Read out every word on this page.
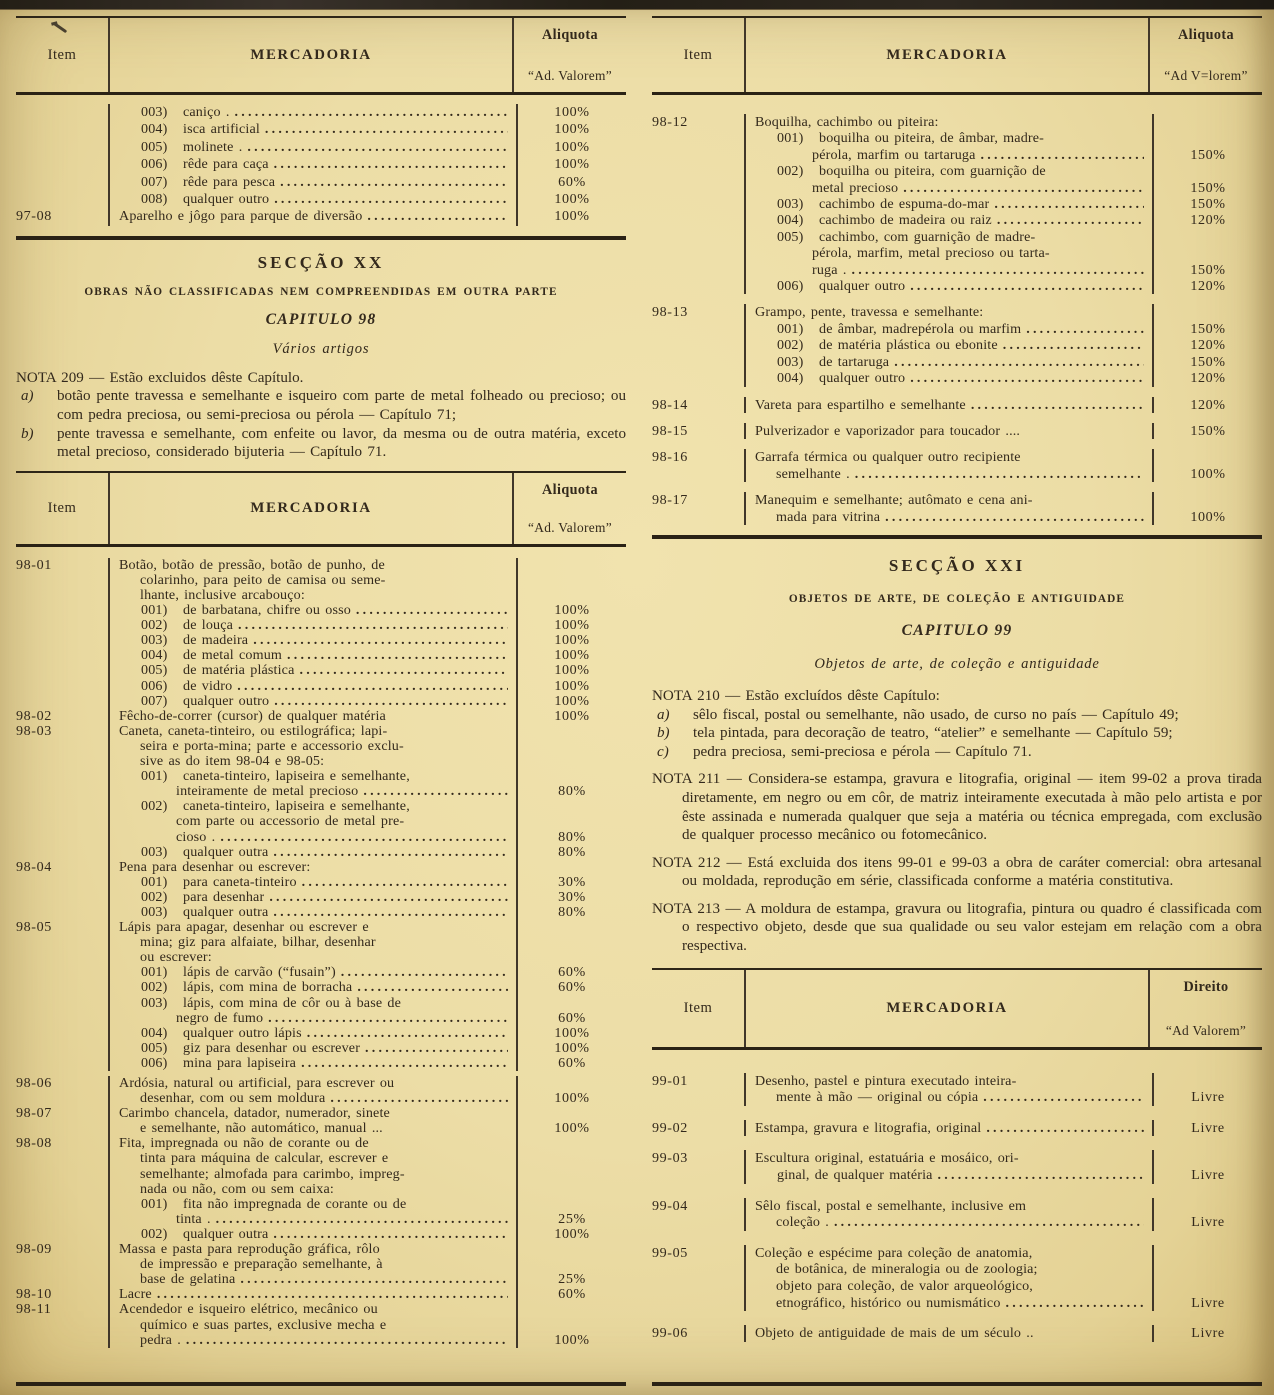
Item	MERCADORIA
Aliquota
“Ad. Valorem”
003)	caniço . .....	100%
004)	isca artificial .....	100%
005)	molinete . .....	100%
006)	rêde para caça .....	100%
007)	rêde para pesca .....	60%
008)	qualquer outro .....	100%
97-08	Aparelho e jôgo para parque de diversão .....	100%
SECÇÃO XX
OBRAS NÃO CLASSIFICADAS NEM COMPREENDIDAS EM OUTRA PARTE
CAPITULO 98
Vários artigos

NOTA 209 — Estão excluidos dêste Capítulo.

a)	botão pente travessa e semelhante e isqueiro com parte de metal folheado ou precioso; ou com pedra preciosa, ou semi-preciosa ou pérola — Capítulo 71;

b)	pente travessa e semelhante, com enfeite ou lavor, da mesma ou de outra matéria, exceto metal precioso, considerado bijuteria — Capítulo 71.

Item	MERCADORIA
Aliquota
“Ad. Valorem”
98-01	Botão, botão de pressão, botão de punho, de
colarinho, para peito de camisa ou seme-
lhante, inclusive arcabouço:
001)	de barbatana, chifre ou osso .....	100%
002)	de louça .....	100%
003)	de madeira .....	100%
004)	de metal comum .....	100%
005)	de matéria plástica .....	100%
006)	de vidro .....	100%
007)	qualquer outro .....	100%
98-02	Fêcho-de-correr (cursor) de qualquer matéria	100%
98-03	Caneta, caneta-tinteiro, ou estilográfica; lapi-
seira e porta-mina; parte e accessorio exclu-
sive as do item 98-04 e 98-05:
001)	caneta-tinteiro, lapiseira e semelhante,
inteiramente de metal precioso .....	80%
002)	caneta-tinteiro, lapiseira e semelhante,
com parte ou accessorio de metal pre-
cioso . .....	80%
003)	qualquer outra .....	80%
98-04	Pena para desenhar ou escrever:
001)	para caneta-tinteiro .....	30%
002)	para desenhar .....	30%
003)	qualquer outra .....	80%
98-05	Lápis para apagar, desenhar ou escrever e
mina; giz para alfaiate, bilhar, desenhar
ou escrever:
001)	lápis de carvão (“fusain”) .....	60%
002)	lápis, com mina de borracha .....	60%
003)	lápis, com mina de côr ou à base de
negro de fumo .....	60%
004)	qualquer outro lápis .....	100%
005)	giz para desenhar ou escrever .....	100%
006)	mina para lapiseira .....	60%
98-06	Ardósia, natural ou artificial, para escrever ou
desenhar, com ou sem moldura .....	100%
98-07	Carimbo chancela, datador, numerador, sinete
e semelhante, não automático, manual ...	100%
98-08	Fita, impregnada ou não de corante ou de
tinta para máquina de calcular, escrever e
semelhante; almofada para carimbo, impreg-
nada ou não, com ou sem caixa:
001)	fita não impregnada de corante ou de
tinta . .....	25%
002)	qualquer outra .....	100%
98-09	Massa e pasta para reprodução gráfica, rôlo
de impressão e preparação semelhante, à
base de gelatina .....	25%
98-10	Lacre .....	60%
98-11	Acendedor e isqueiro elétrico, mecânico ou
químico e suas partes, exclusive mecha e
pedra . .....	100%
Item	MERCADORIA
Aliquota
“Ad V=lorem”
98-12	Boquilha, cachimbo ou piteira:
001)	boquilha ou piteira, de âmbar, madre-
pérola, marfim ou tartaruga .....	150%
002)	boquilha ou piteira, com guarnição de
metal precioso .....	150%
003)	cachimbo de espuma-do-mar .....	150%
004)	cachimbo de madeira ou raiz .....	120%
005)	cachimbo, com guarnição de madre-
pérola, marfim, metal precioso ou tarta-
ruga . .....	150%
006)	qualquer outro .....	120%
98-13	Grampo, pente, travessa e semelhante:
001)	de âmbar, madrepérola ou marfim .....	150%
002)	de matéria plástica ou ebonite .....	120%
003)	de tartaruga .....	150%
004)	qualquer outro .....	120%
98-14	Vareta para espartilho e semelhante .....	120%
98-15	Pulverizador e vaporizador para toucador ....	150%
98-16	Garrafa térmica ou qualquer outro recipiente
semelhante . .....	100%
98-17	Manequim e semelhante; autômato e cena ani-
mada para vitrina .....	100%
SECÇÃO XXI
OBJETOS DE ARTE, DE COLEÇÃO E ANTIGUIDADE
CAPITULO 99
Objetos de arte, de coleção e antiguidade

NOTA 210 — Estão excluídos dêste Capítulo:

a)	sêlo fiscal, postal ou semelhante, não usado, de curso no país — Capítulo 49;

b)	tela pintada, para decoração de teatro, “atelier” e semelhante — Capítulo 59;

c)	pedra preciosa, semi-preciosa e pérola — Capítulo 71.

NOTA 211 — Considera-se estampa, gravura e litografia, original — item 99-02 a prova tirada diretamente, em negro ou em côr, de matriz inteiramente executada à mão pelo artista e por êste assinada e numerada qualquer que seja a matéria ou técnica empregada, com exclusão de qualquer processo mecânico ou fotomecânico.

NOTA 212 — Está excluida dos itens 99-01 e 99-03 a obra de caráter comercial: obra artesanal ou moldada, reprodução em série, classificada conforme a matéria constitutiva.

NOTA 213 — A moldura de estampa, gravura ou litografia, pintura ou quadro é classificada com o respectivo objeto, desde que sua qualidade ou seu valor estejam em relação com a obra respectiva.

Item	MERCADORIA
Direito
“Ad Valorem”
99-01	Desenho, pastel e pintura executado inteira-
mente à mão — original ou cópia .....	Livre
99-02	Estampa, gravura e litografia, original .....	Livre
99-03	Escultura original, estatuária e mosáico, ori-
ginal, de qualquer matéria .....	Livre
99-04	Sêlo fiscal, postal e semelhante, inclusive em
coleção . .....	Livre
99-05	Coleção e espécime para coleção de anatomia,
de botânica, de mineralogia ou de zoologia;
objeto para coleção, de valor arqueológico,
etnográfico, histórico ou numismático .....	Livre
99-06	Objeto de antiguidade de mais de um século ..	Livre
